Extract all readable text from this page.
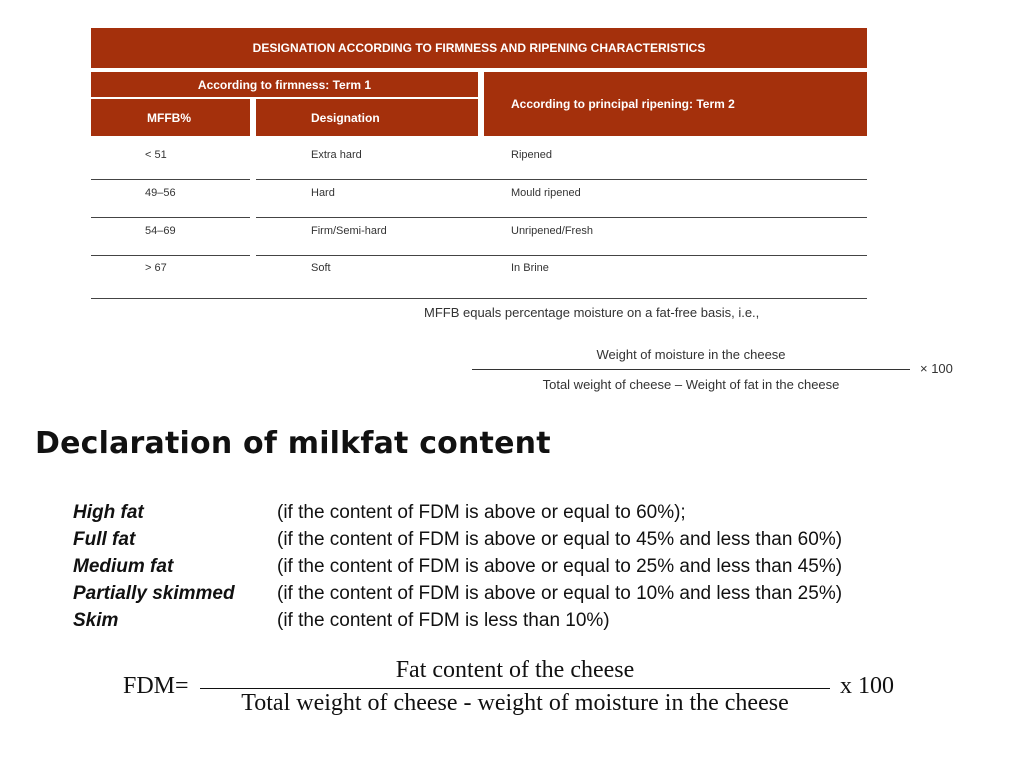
DESIGNATION ACCORDING TO FIRMNESS AND RIPENING CHARACTERISTICS
According to firmness: Term 1
MFFB%	Designation
According to principal ripening: Term 2
< 51	Extra hard	Ripened
49–56	Hard	Mould ripened
54–69	Firm/Semi-hard	Unripened/Fresh
> 67	Soft	In Brine
MFFB equals percentage moisture on a fat-free basis, i.e.,
Weight of moisture in the cheese
Total weight of cheese – Weight of fat in the cheese
× 100
Declaration of milkfat content
High fat	(if the content of FDM is above or equal to 60%);
Full fat	(if the content of FDM is above or equal to 45% and less than 60%)
Medium fat	(if the content of FDM is above or equal to 25% and less than 45%)
Partially skimmed (if the content of FDM is above or equal to 10% and less than 25%)
Skim	(if the content of FDM is less than 10%)
FDM=
Fat content of the cheese
Total weight of cheese - weight of moisture in the cheese
x 100
